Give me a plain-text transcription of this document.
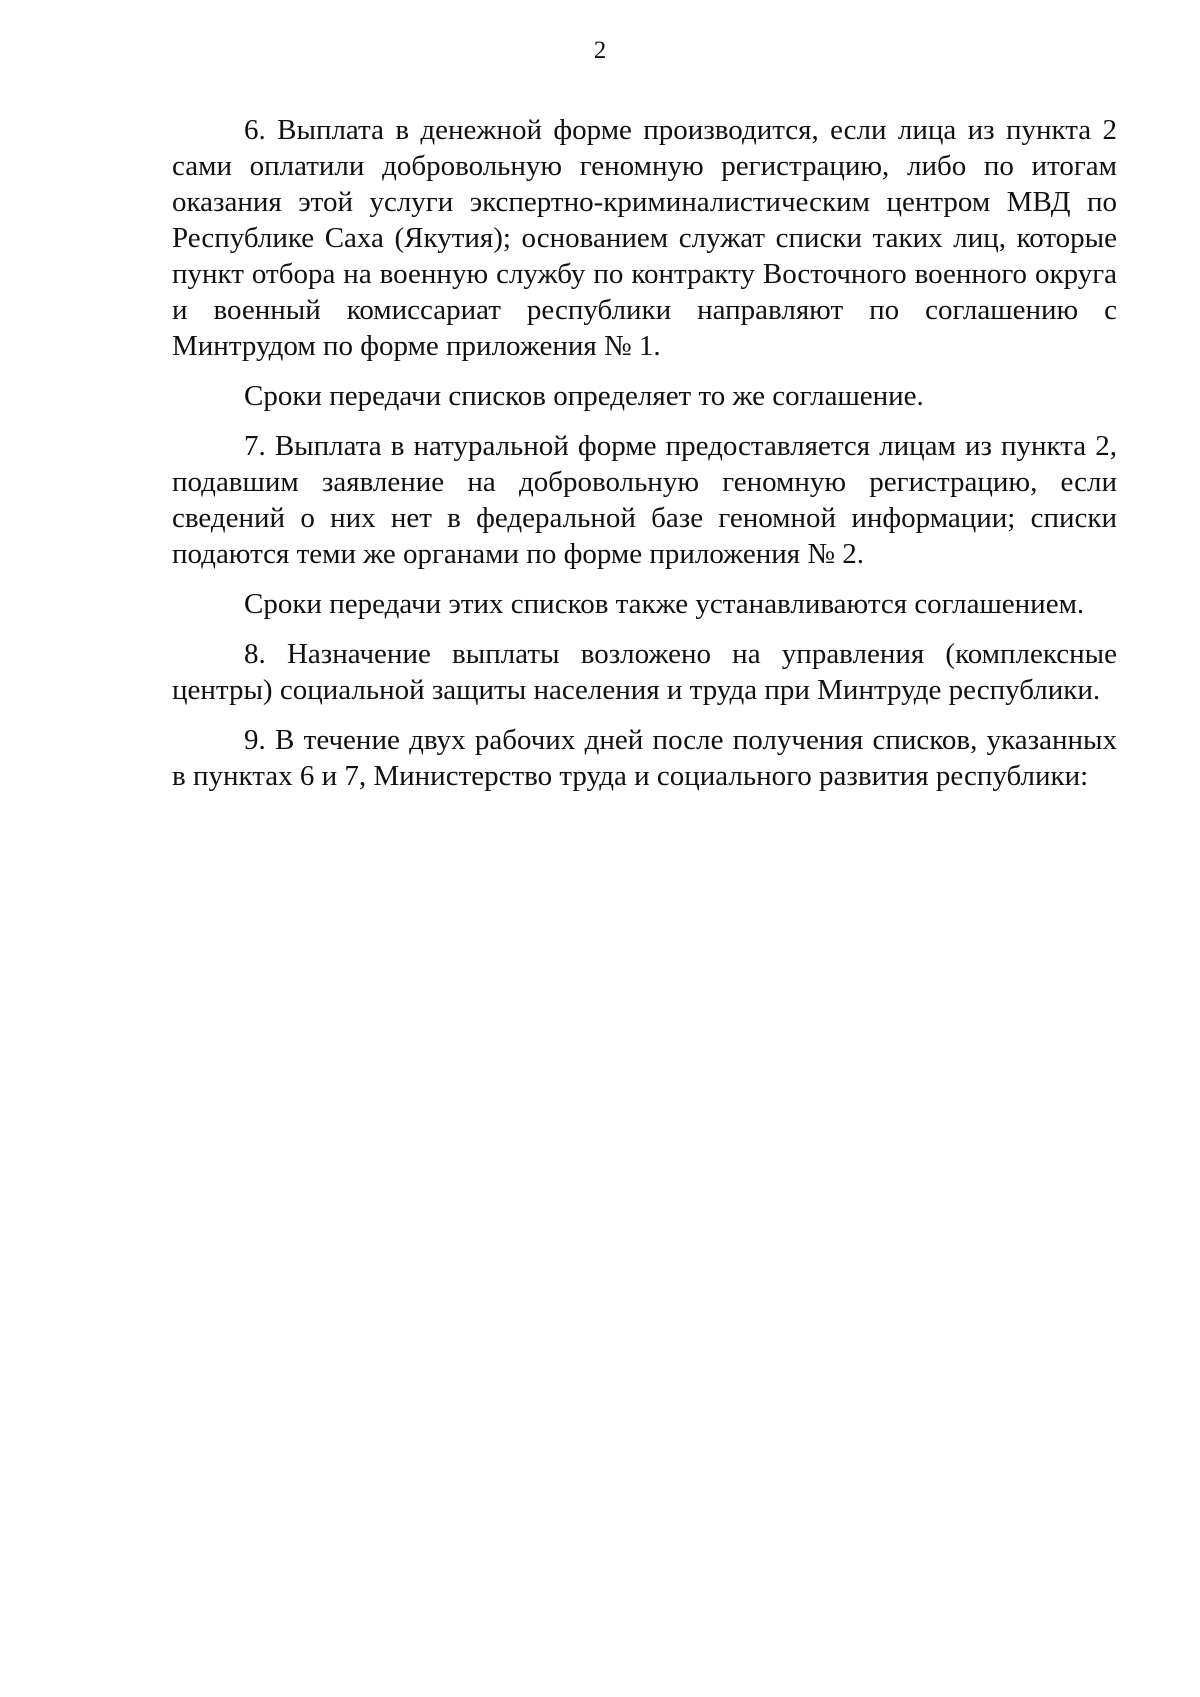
2

6. Выплата в денежной форме производится, если лица из пункта 2 сами оплатили добровольную геномную регистрацию, либо по итогам оказания этой услуги экспертно-криминалистическим центром МВД по Республике Саха (Якутия); основанием служат списки таких лиц, которые пункт отбора на военную службу по контракту Восточного военного округа и военный комиссариат республики направляют по соглашению с Минтрудом по форме приложения № 1.

Сроки передачи списков определяет то же соглашение.

7. Выплата в натуральной форме предоставляется лицам из пункта 2, подавшим заявление на добровольную геномную регистрацию, если сведений о них нет в федеральной базе геномной информации; списки подаются теми же органами по форме приложения № 2.

Сроки передачи этих списков также устанавливаются соглашением.

8. Назначение выплаты возложено на управления (комплексные центры) социальной защиты населения и труда при Минтруде республики.

9. В течение двух рабочих дней после получения списков, указанных в пунктах 6 и 7, Министерство труда и социального развития республики:
